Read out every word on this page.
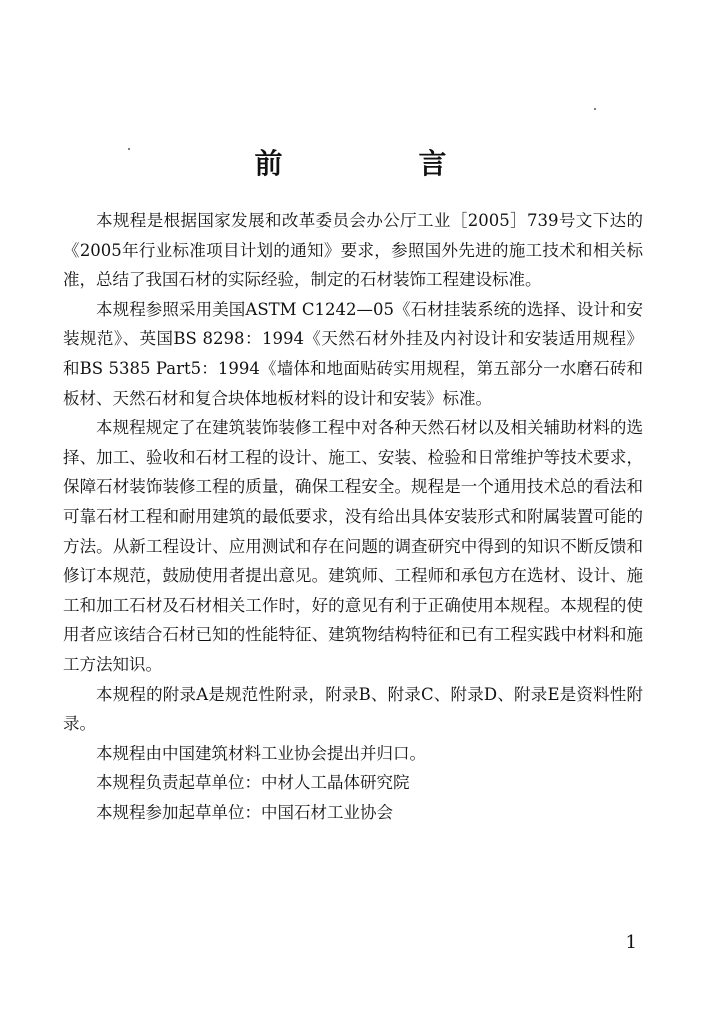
前　言

本规程是根据国家发展和改革委员会办公厅工业［2005］739号文下达的《2005年行业标准项目计划的通知》要求，参照国外先进的施工技术和相关标准，总结了我国石材的实际经验，制定的石材装饰工程建设标准。

本规程参照采用美国ASTM C1242—05《石材挂装系统的选择、设计和安装规范》、英国BS 8298：1994《天然石材外挂及内衬设计和安装适用规程》和BS 5385 Part5：1994《墙体和地面贴砖实用规程，第五部分一水磨石砖和板材、天然石材和复合块体地板材料的设计和安装》标准。

本规程规定了在建筑装饰装修工程中对各种天然石材以及相关辅助材料的选择、加工、验收和石材工程的设计、施工、安装、检验和日常维护等技术要求，保障石材装饰装修工程的质量，确保工程安全。规程是一个通用技术总的看法和可靠石材工程和耐用建筑的最低要求，没有给出具体安装形式和附属装置可能的方法。从新工程设计、应用测试和存在问题的调查研究中得到的知识不断反馈和修订本规范，鼓励使用者提出意见。建筑师、工程师和承包方在选材、设计、施工和加工石材及石材相关工作时，好的意见有利于正确使用本规程。本规程的使用者应该结合石材已知的性能特征、建筑物结构特征和已有工程实践中材料和施工方法知识。

本规程的附录A是规范性附录，附录B、附录C、附录D、附录E是资料性附录。

本规程由中国建筑材料工业协会提出并归口。

本规程负责起草单位：中材人工晶体研究院

本规程参加起草单位：中国石材工业协会

1
